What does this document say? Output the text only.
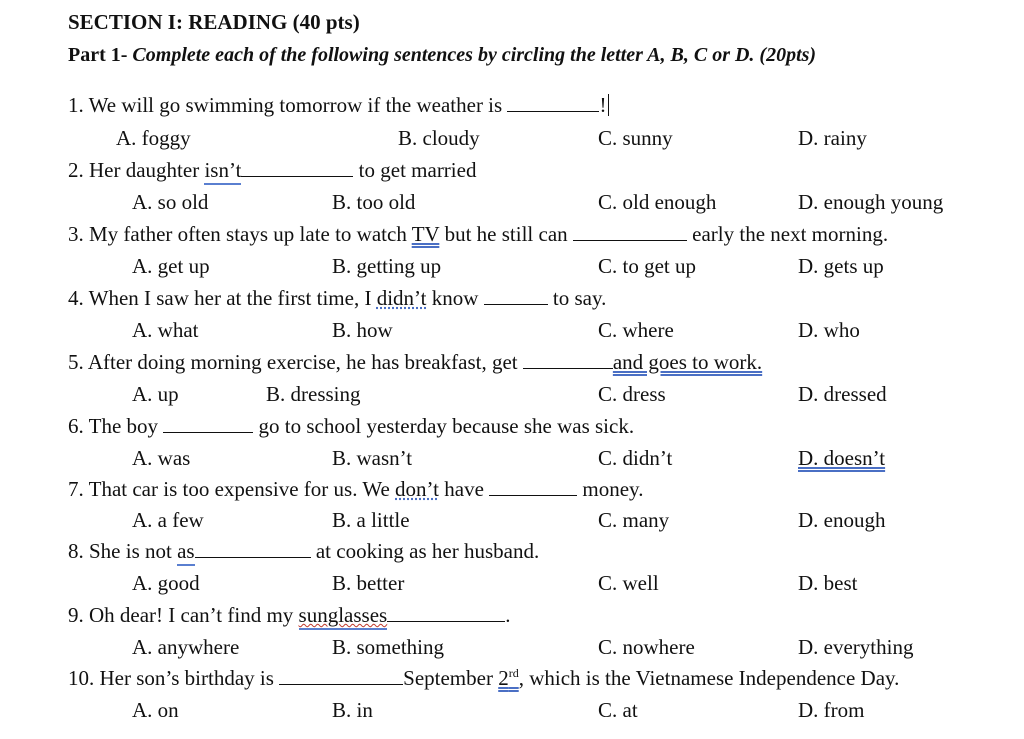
SECTION I: READING (40 pts)
Part 1- Complete each of the following sentences by circling the letter A, B, C or D. (20pts)
1. We will go swimming tomorrow if the weather is	!
A. foggy	B. cloudy	C. sunny	D. rainy
2. Her daughter isn’t	to get married
A. so old	B. too old	C. old enough	D. enough young
3. My father often stays up late to watch TV but he still can	early the next morning.
A. get up	B. getting up	C. to get up	D. gets up
4. When I saw her at the first time, I didn’t know	to say.
A. what	B. how	C. where	D. who
5. After doing morning exercise, he has breakfast, get	and goes to work.
A. up	B. dressing	C. dress	D. dressed
6. The boy	go to school yesterday because she was sick.
A. was	B. wasn’t	C. didn’t	D. doesn’t
7. That car is too expensive for us. We don’t have	money.
A. a few	B. a little	C. many	D. enough
8. She is not as	at cooking as her husband.
A. good	B. better	C. well	D. best
9. Oh dear! I can’t find my sunglasses	.
A. anywhere	B. something	C. nowhere	D. everything
10. Her son’s birthday is	September 2rd, which is the Vietnamese Independence Day.
A. on	B. in	C. at	D. from
